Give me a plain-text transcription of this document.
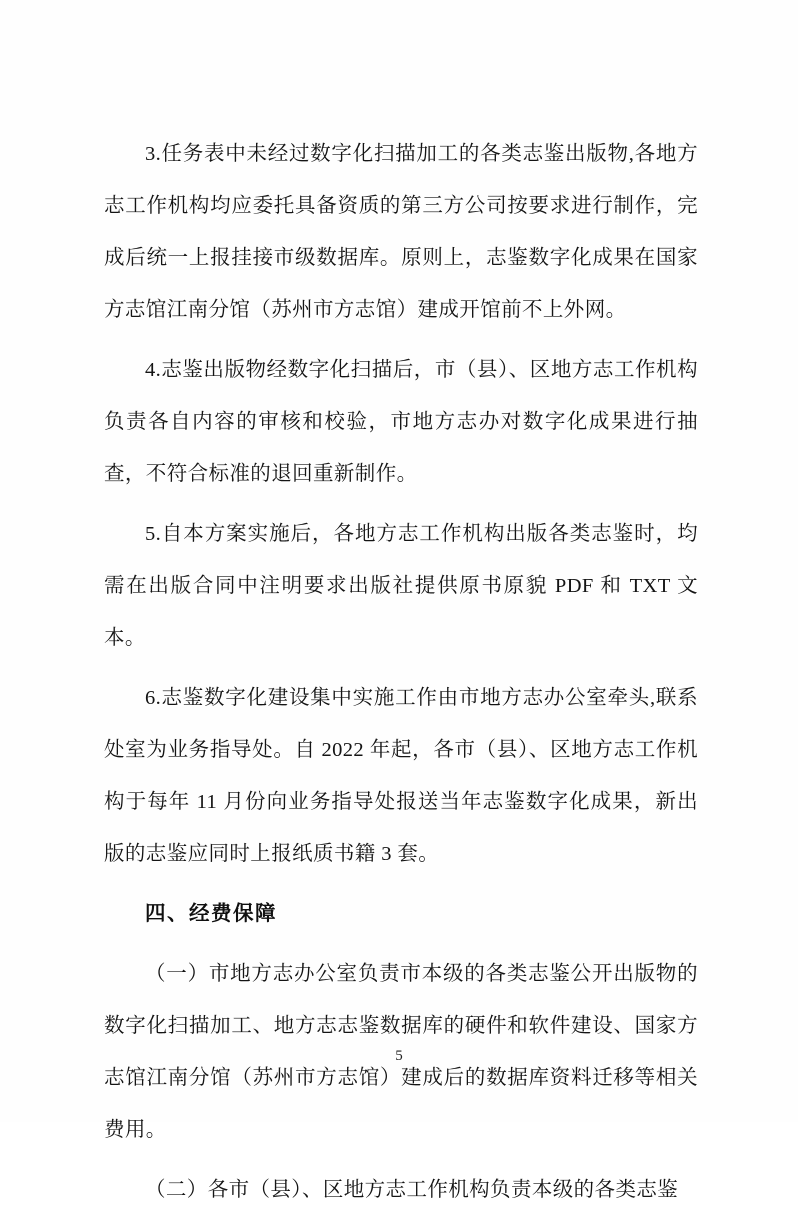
3.任务表中未经过数字化扫描加工的各类志鉴出版物,各地方志工作机构均应委托具备资质的第三方公司按要求进行制作，完成后统一上报挂接市级数据库。原则上，志鉴数字化成果在国家方志馆江南分馆（苏州市方志馆）建成开馆前不上外网。

4.志鉴出版物经数字化扫描后，市（县）、区地方志工作机构负责各自内容的审核和校验，市地方志办对数字化成果进行抽查，不符合标准的退回重新制作。

5.自本方案实施后，各地方志工作机构出版各类志鉴时，均需在出版合同中注明要求出版社提供原书原貌 PDF 和 TXT 文本。

6.志鉴数字化建设集中实施工作由市地方志办公室牵头,联系处室为业务指导处。自 2022 年起，各市（县）、区地方志工作机构于每年 11 月份向业务指导处报送当年志鉴数字化成果，新出版的志鉴应同时上报纸质书籍 3 套。

四、经费保障

（一）市地方志办公室负责市本级的各类志鉴公开出版物的数字化扫描加工、地方志志鉴数据库的硬件和软件建设、国家方志馆江南分馆（苏州市方志馆）建成后的数据库资料迁移等相关费用。

（二）各市（县）、区地方志工作机构负责本级的各类志鉴

5
